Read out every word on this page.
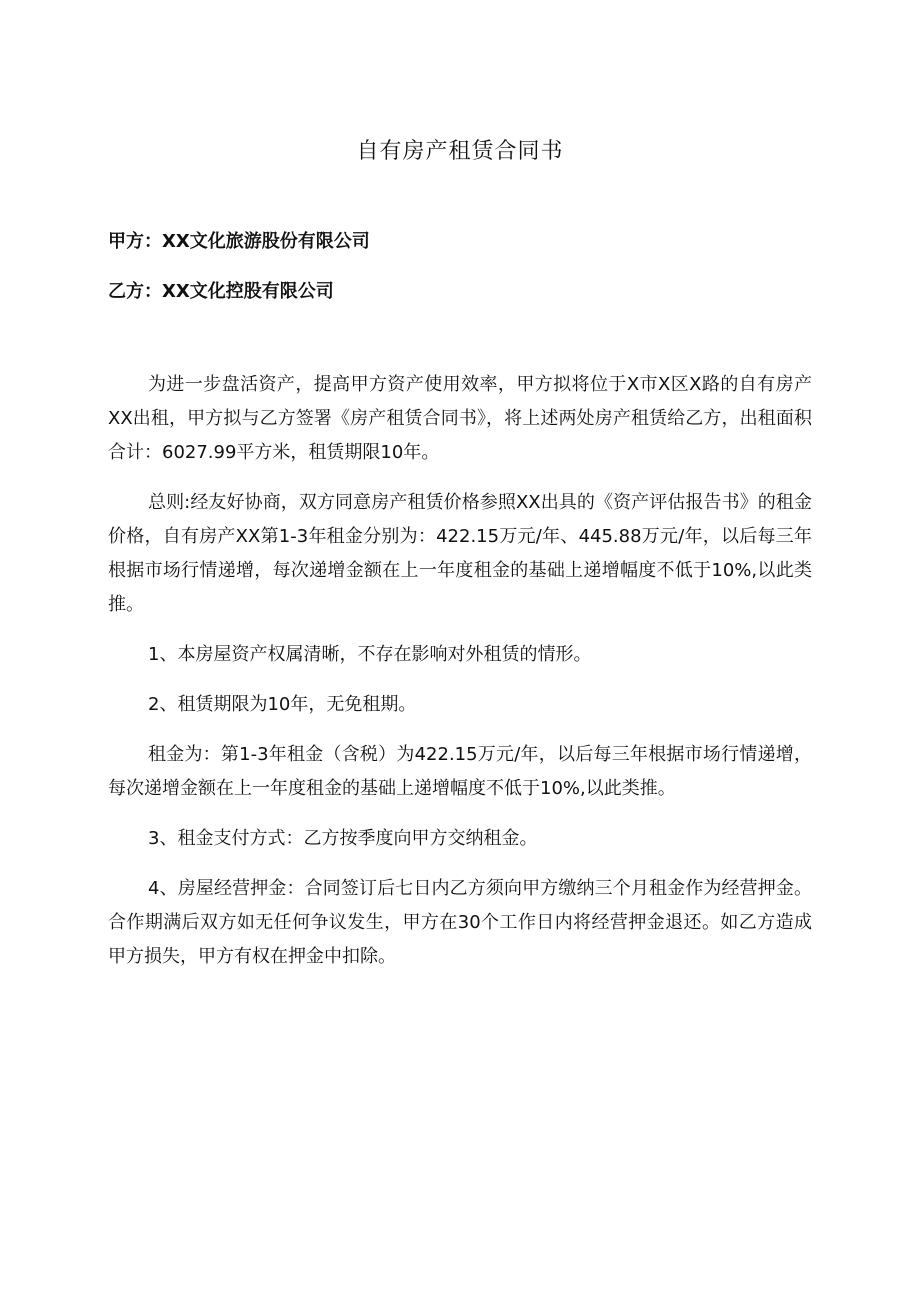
自有房产租赁合同书

甲方：XX文化旅游股份有限公司

乙方：XX文化控股有限公司

为进一步盘活资产，提高甲方资产使用效率，甲方拟将位于X市X区X路的自有房产XX出租，甲方拟与乙方签署《房产租赁合同书》，将上述两处房产租赁给乙方，出租面积合计：6027.99平方米，租赁期限10年。

总则:经友好协商，双方同意房产租赁价格参照XX出具的《资产评估报告书》的租金价格，自有房产XX第1-3年租金分别为：422.15万元/年、445.88万元/年，以后每三年根据市场行情递增，每次递增金额在上一年度租金的基础上递增幅度不低于10%,以此类推。

1、本房屋资产权属清晰，不存在影响对外租赁的情形。

2、租赁期限为10年，无免租期。

租金为：第1-3年租金（含税）为422.15万元/年，以后每三年根据市场行情递增，每次递增金额在上一年度租金的基础上递增幅度不低于10%,以此类推。

3、租金支付方式：乙方按季度向甲方交纳租金。

4、房屋经营押金：合同签订后七日内乙方须向甲方缴纳三个月租金作为经营押金。合作期满后双方如无任何争议发生，甲方在30个工作日内将经营押金退还。如乙方造成甲方损失，甲方有权在押金中扣除。
